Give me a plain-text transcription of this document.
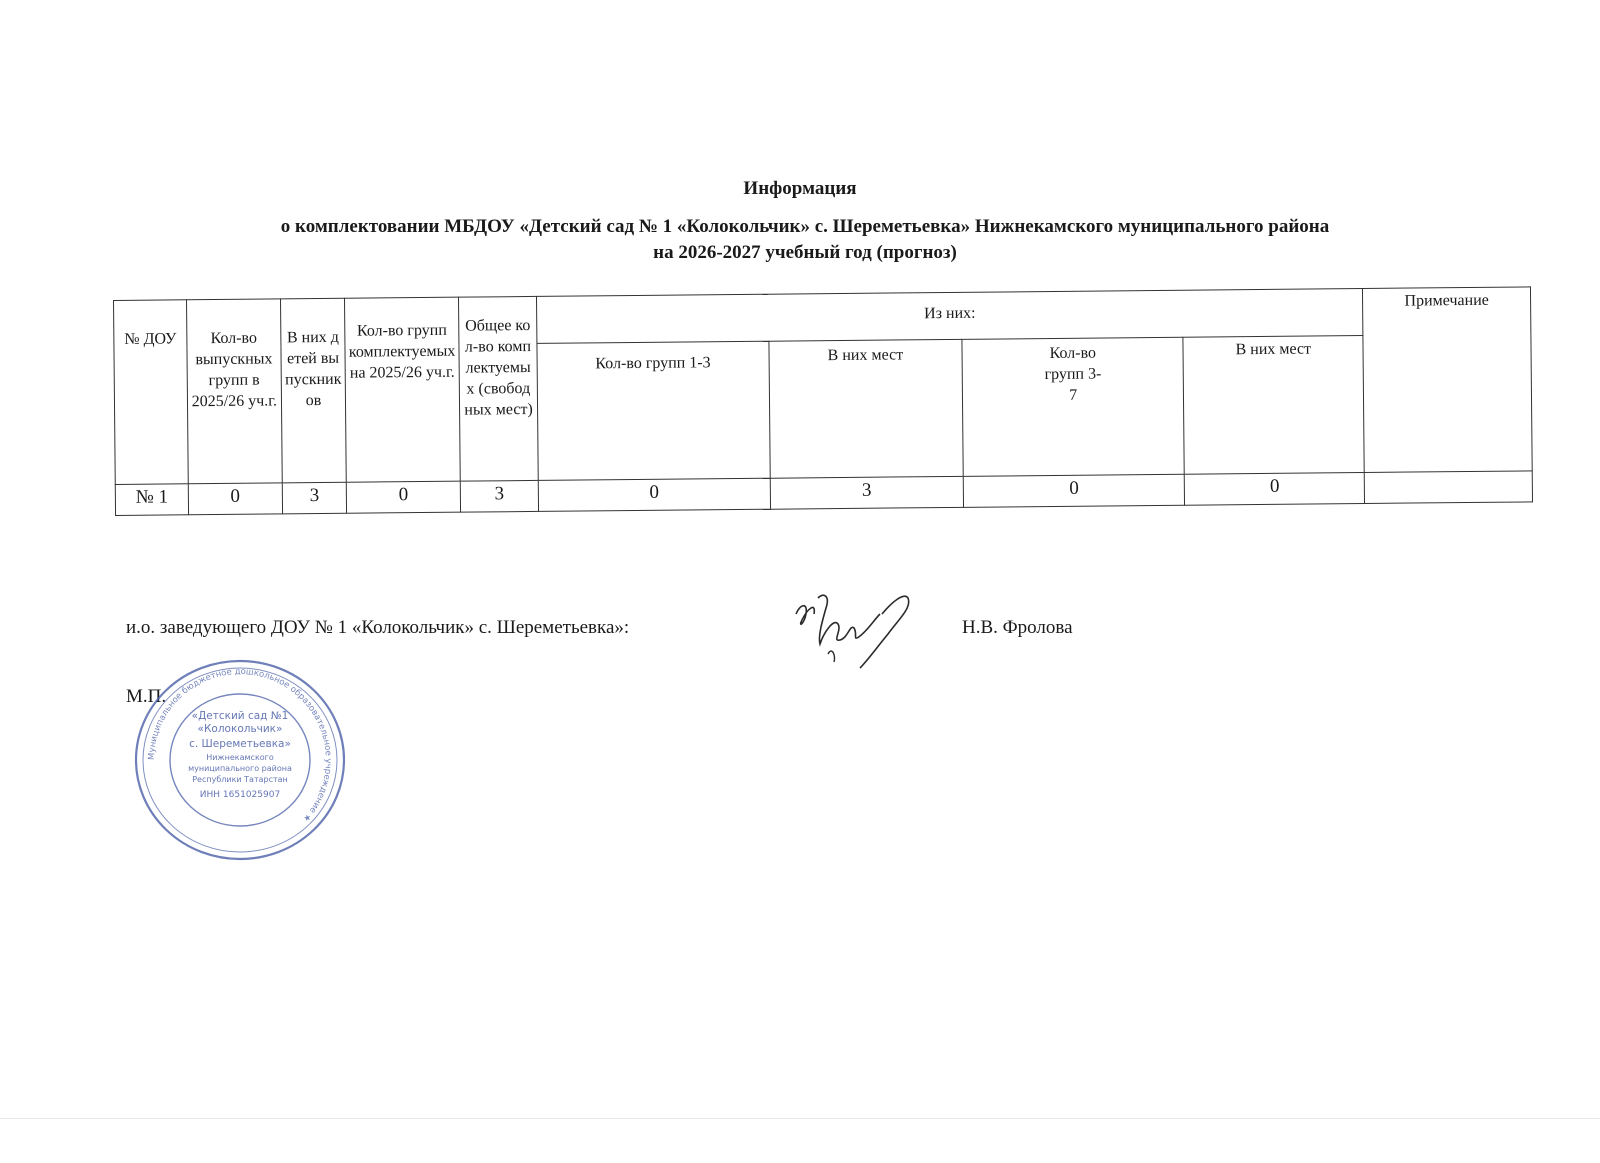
Информация
о комплектовании МБДОУ «Детский сад № 1 «Колокольчик» с. Шереметьевка» Нижнекамского муниципального района
на 2026-2027 учебный год (прогноз)
№ ДОУ	Кол-во выпускных групп в 2025/26 уч.г.	В них детей выпускников	Кол-во групп комплектуемых на 2025/26 уч.г.	Общее кол-во комплектуемых (свободных мест)	Из них:				Примечание
					Кол-во групп 1-3	В них мест	Кол-во групп 3-7	В них мест	
№ 1	0	3	0	3	0	3	0	0	
и.о. заведующего ДОУ № 1 «Колокольчик» с. Шереметьевка»:	Н.В. Фролова
М.П.
Муниципальное бюджетное дошкольное образовательное учреждение ★
«Детский сад №1
«Колокольчик»
с. Шереметьевка»
Нижнекамского
муниципального района
Республики Татарстан
ИНН 1651025907
